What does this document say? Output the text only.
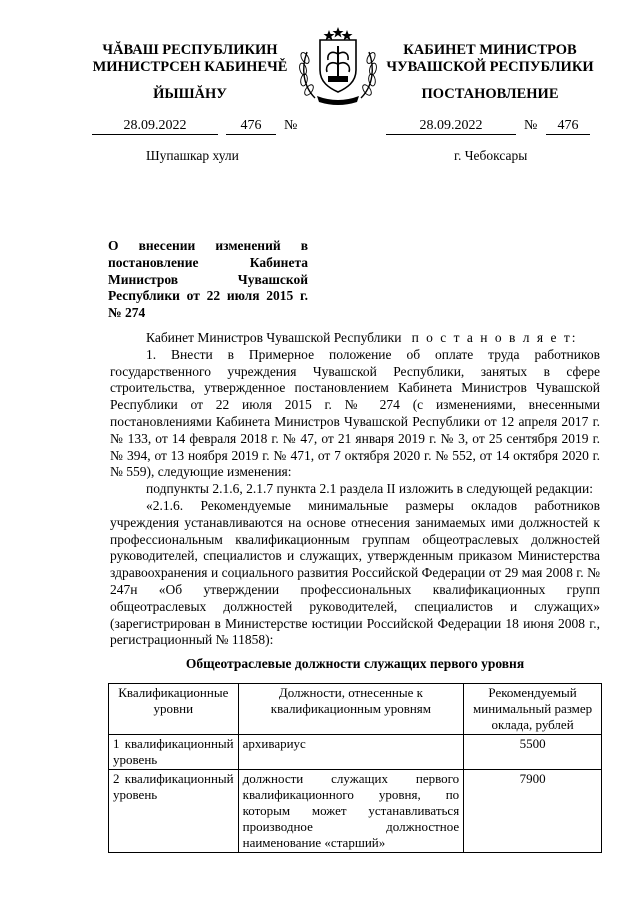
ЧĂВАШ РЕСПУБЛИКИН
МИНИСТРСЕН КАБИНЕЧĚ
ЙЫШĂНУ
КАБИНЕТ МИНИСТРОВ
ЧУВАШСКОЙ РЕСПУБЛИКИ
ПОСТАНОВЛЕНИЕ
28.09.2022	476	№	28.09.2022	№	476
Шупашкар хули	г. Чебоксары
О внесении изменений в постановление Кабинета Министров Чувашской Республики от 22 июля 2015 г. № 274

Кабинет Министров Чувашской Республики п о с т а н о в л я е т:

1. Внести в Примерное положение об оплате труда работников государственного учреждения Чувашской Республики, занятых в сфере строительства, утвержденное постановлением Кабинета Министров Чувашской Республики от 22 июля 2015 г. № 274 (с изменениями, внесенными постановлениями Кабинета Министров Чувашской Республики от 12 апреля 2017 г. № 133, от 14 февраля 2018 г. № 47, от 21 января 2019 г. № 3, от 25 сентября 2019 г. № 394, от 13 ноября 2019 г. № 471, от 7 октября 2020 г. № 552, от 14 октября 2020 г. № 559), следующие изменения:

подпункты 2.1.6, 2.1.7 пункта 2.1 раздела II изложить в следующей редакции:

«2.1.6. Рекомендуемые минимальные размеры окладов работников учреждения устанавливаются на основе отнесения занимаемых ими должностей к профессиональным квалификационным группам общеотраслевых должностей руководителей, специалистов и служащих, утвержденным приказом Министерства здравоохранения и социального развития Российской Федерации от 29 мая 2008 г. № 247н «Об утверждении профессиональных квалификационных групп общеотраслевых должностей руководителей, специалистов и служащих» (зарегистрирован в Министерстве юстиции Российской Федерации 18 июня 2008 г., регистрационный № 11858):

Общеотраслевые должности служащих первого уровня
Квалификационные уровни	Должности, отнесенные к квалификационным уровням	Рекомендуемый минимальный размер оклада, рублей
1 квалификационный уровень	архивариус	5500
2 квалификационный уровень	должности служащих первого квалификационного уровня, по которым может устанавливаться производное должностное наименование «старший»	7900
